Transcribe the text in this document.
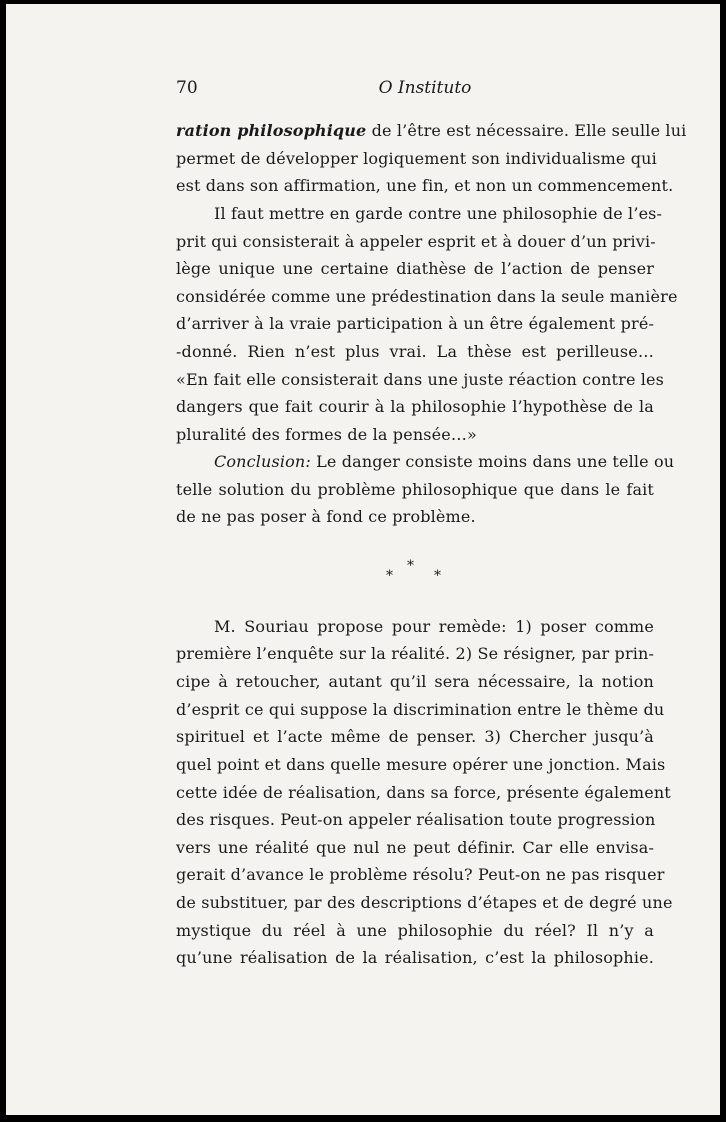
70	O Instituto
ration philosophique de l’être est nécessaire. Elle seulle lui
permet de développer logiquement son individualisme qui
est dans son affirmation, une fin, et non un commencement.
Il faut mettre en garde contre une philosophie de l’es-
prit qui consisterait à appeler esprit et à douer d’un privi-
lège unique une certaine diathèse de l’action de penser
considérée comme une prédestination dans la seule manière
d’arriver à la vraie participation à un être également pré-
-donné. Rien n’est plus vrai. La thèse est perilleuse…
«En fait elle consisterait dans une juste réaction contre les
dangers que fait courir à la philosophie l’hypothèse de la
pluralité des formes de la pensée…»
Conclusion: Le danger consiste moins dans une telle ou
telle solution du problème philosophique que dans le fait
de ne pas poser à fond ce problème.
*
*	*
M. Souriau propose pour remède: 1) poser comme
première l’enquête sur la réalité. 2) Se résigner, par prin-
cipe à retoucher, autant qu’il sera nécessaire, la notion
d’esprit ce qui suppose la discrimination entre le thème du
spirituel et l’acte même de penser. 3) Chercher jusqu’à
quel point et dans quelle mesure opérer une jonction. Mais
cette idée de réalisation, dans sa force, présente également
des risques. Peut-on appeler réalisation toute progression
vers une réalité que nul ne peut définir. Car elle envisa-
gerait d’avance le problème résolu? Peut-on ne pas risquer
de substituer, par des descriptions d’étapes et de degré une
mystique du réel à une philosophie du réel? Il n’y a
qu’une réalisation de la réalisation, c’est la philosophie.
